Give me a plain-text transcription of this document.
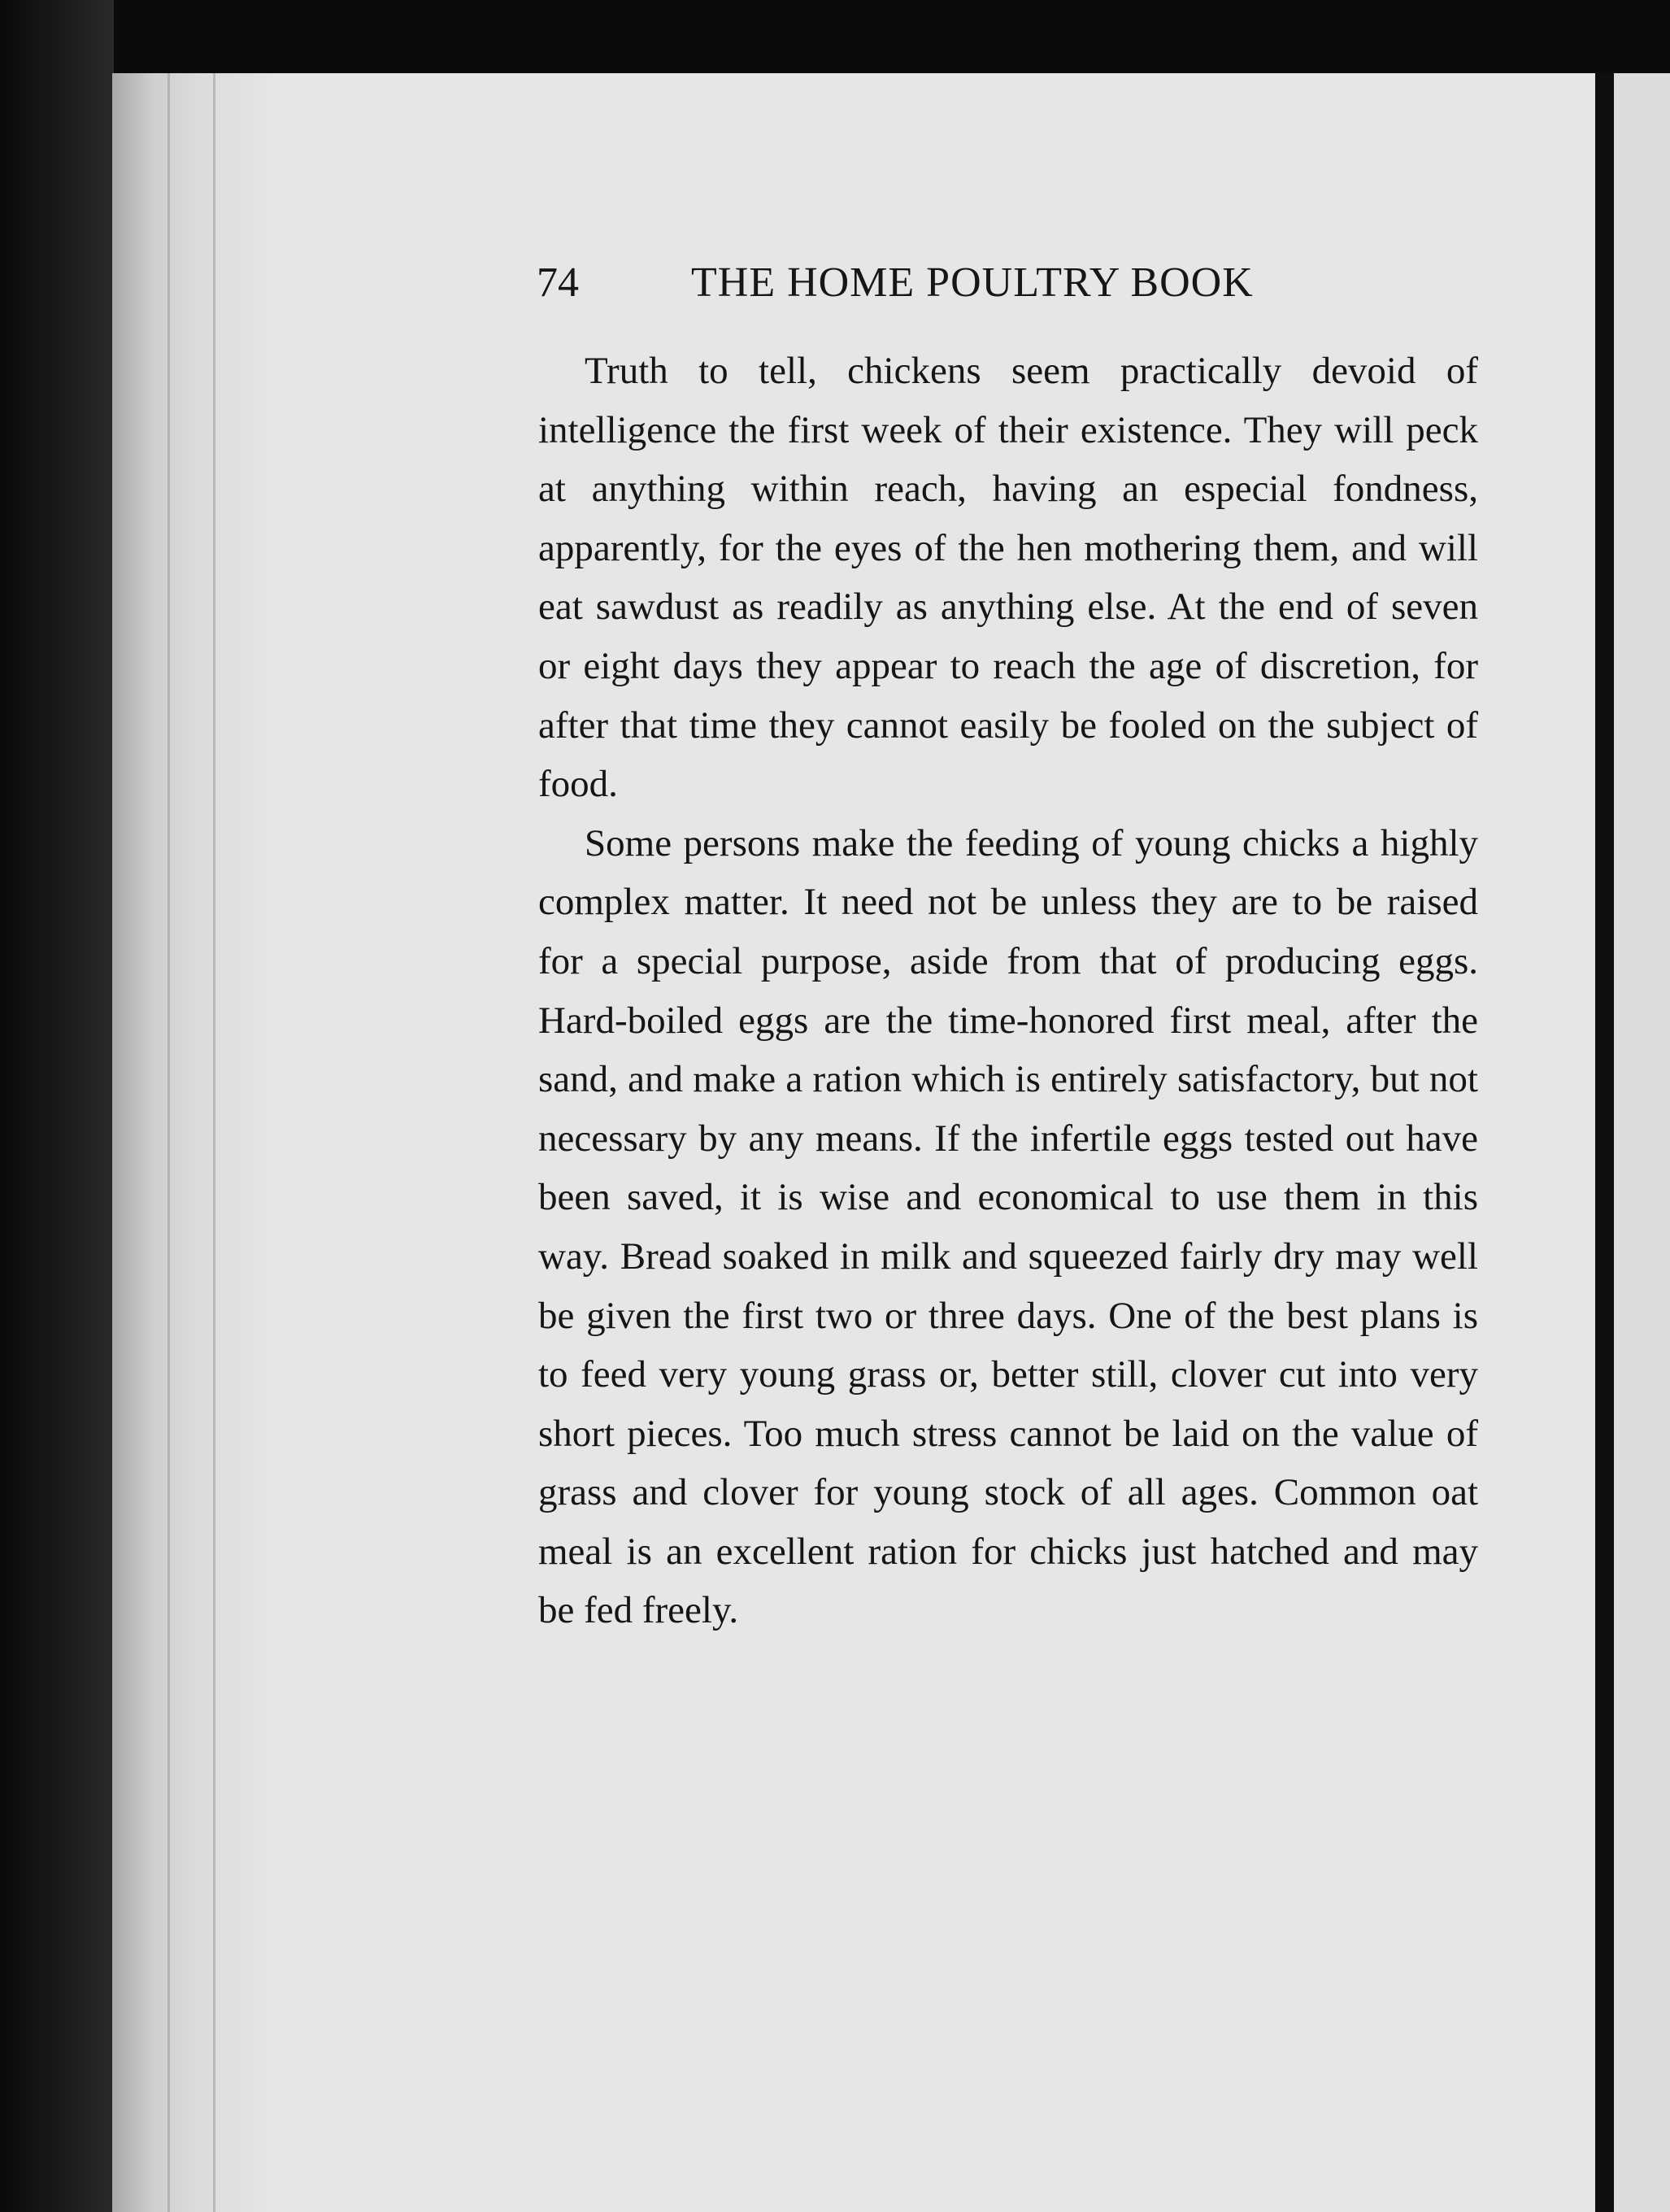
74	THE HOME POULTRY BOOK

Truth to tell, chickens seem practically devoid of intelligence the first week of their existence. They will peck at anything within reach, having an especial fondness, apparently, for the eyes of the hen mothering them, and will eat sawdust as readily as anything else. At the end of seven or eight days they appear to reach the age of discretion, for after that time they cannot easily be fooled on the subject of food.

Some persons make the feeding of young chicks a highly complex matter. It need not be unless they are to be raised for a special purpose, aside from that of producing eggs. Hard-boiled eggs are the time-honored first meal, after the sand, and make a ration which is entirely satisfactory, but not necessary by any means. If the infertile eggs tested out have been saved, it is wise and economical to use them in this way. Bread soaked in milk and squeezed fairly dry may well be given the first two or three days. One of the best plans is to feed very young grass or, better still, clover cut into very short pieces. Too much stress cannot be laid on the value of grass and clover for young stock of all ages. Common oat meal is an excellent ration for chicks just hatched and may be fed freely.
